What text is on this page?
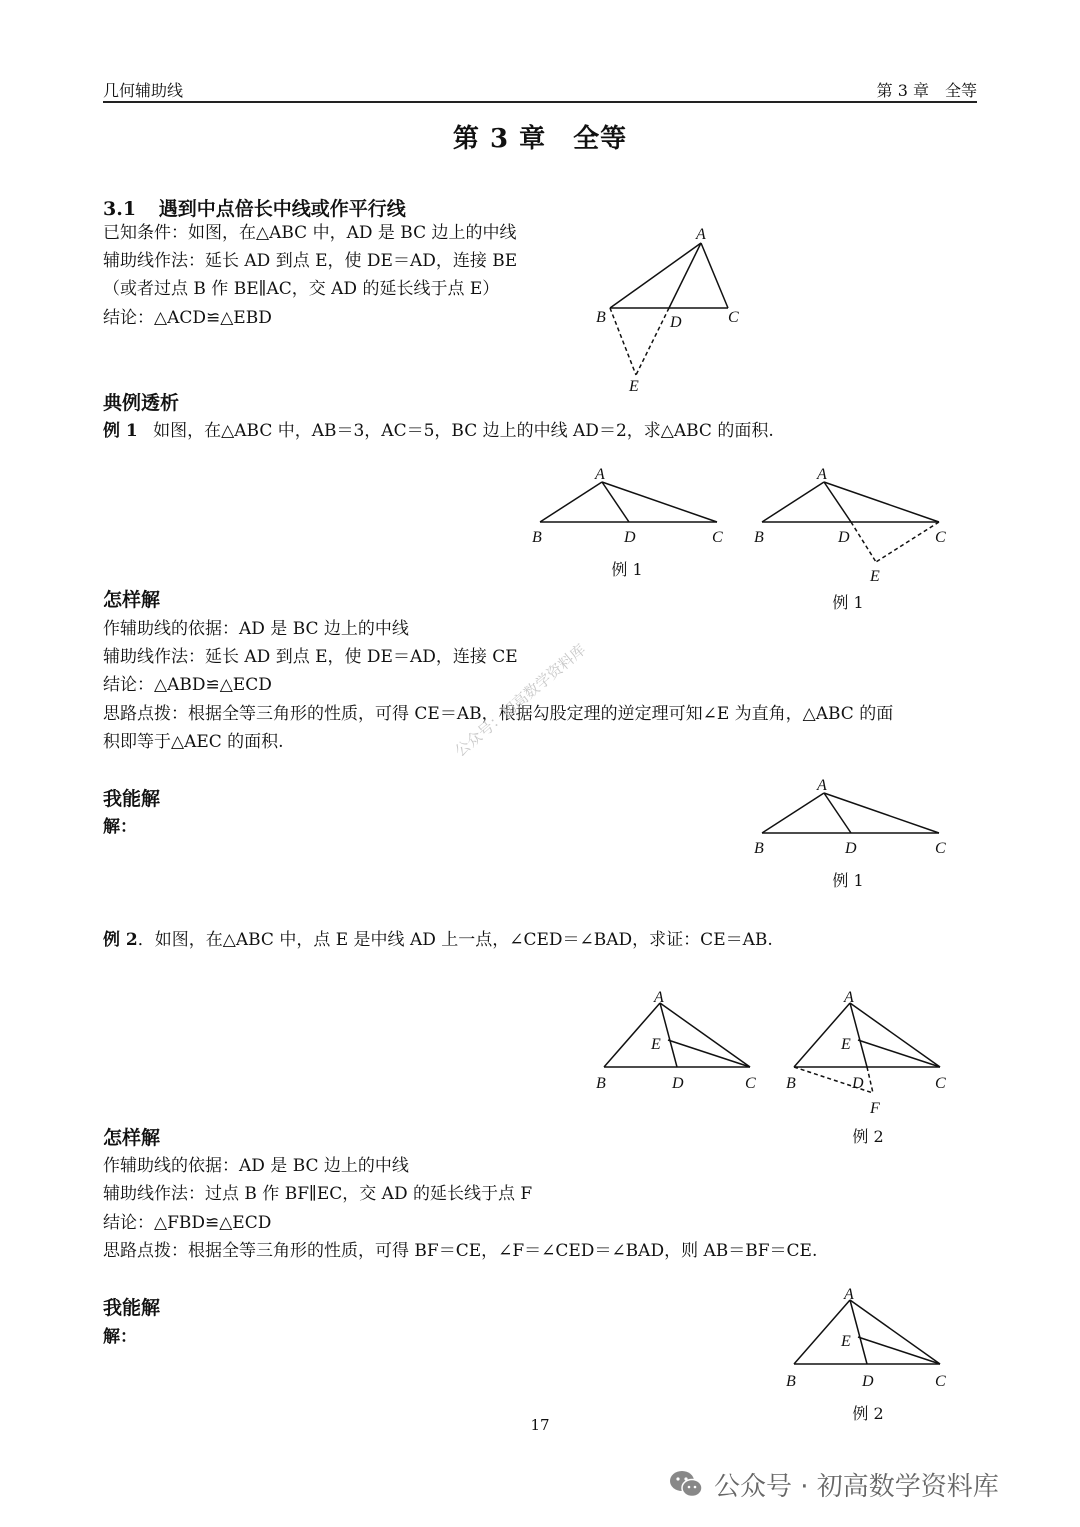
几何辅助线	第 3 章　全等
第 3 章　全等
3.1 遇到中点倍长中线或作平行线
已知条件：如图，在△ABC 中，AD 是 BC 边上的中线
辅助线作法：延长 AD 到点 E，使 DE＝AD，连接 BE
（或者过点 B 作 BE∥AC，交 AD 的延长线于点 E）
结论：△ACD≌△EBD
A
B	D	C
E
典例透析
例 1 如图，在△ABC 中，AB＝3，AC＝5，BC 边上的中线 AD＝2，求△ABC 的面积.
A
B	D	C
例 1
A
B	D	C
E
例 1
怎样解
作辅助线的依据：AD 是 BC 边上的中线
辅助线作法：延长 AD 到点 E，使 DE＝AD，连接 CE
结论：△ABD≌△ECD
思路点拨：根据全等三角形的性质，可得 CE＝AB，根据勾股定理的逆定理可知∠E 为直角，△ABC 的面
积即等于△AEC 的面积.	公众号：初高数学资料库
我能解
解：
A
B	D	C
例 1
例 2．如图，在△ABC 中，点 E 是中线 AD 上一点，∠CED＝∠BAD，求证：CE＝AB.
A
E
B	D	C
A
E
B	D	C
F
例 2
怎样解
作辅助线的依据：AD 是 BC 边上的中线
辅助线作法：过点 B 作 BF∥EC，交 AD 的延长线于点 F
结论：△FBD≌△ECD
思路点拨：根据全等三角形的性质，可得 BF＝CE，∠F＝∠CED＝∠BAD，则 AB＝BF＝CE.
我能解
解：
A
E
B	D	C
例 2
17
公众号 · 初高数学资料库
